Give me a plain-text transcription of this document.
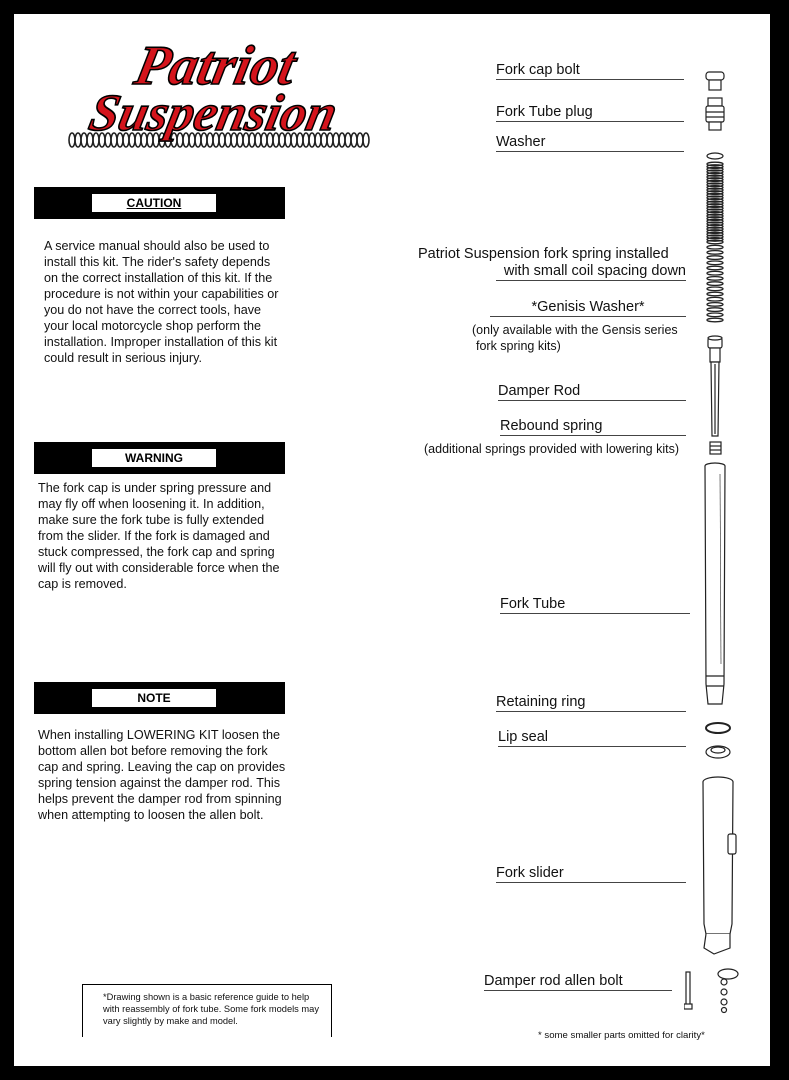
Patriot
Suspension
CAUTION
A service manual should also be used to install this kit. The rider's safety depends on the correct installation of this kit. If the procedure is not within your capabilities or you do not have the correct tools, have your local motorcycle shop perform the installation. Improper installation of this kit could result in serious injury.
WARNING
The fork cap is under spring pressure and may fly off when loosening it. In addition, make sure the fork tube is fully extended from the slider. If the fork is damaged and stuck compressed, the fork cap and spring will fly out with considerable force when the cap is removed.
NOTE
When installing LOWERING KIT loosen the bottom allen bot before removing the fork cap and spring. Leaving the cap on provides spring tension against the damper rod. This helps prevent the damper rod from spinning when attempting to loosen the allen bolt.
Fork cap bolt
Fork Tube plug
Washer
Patriot Suspension fork spring installed
with small coil spacing down
*Genisis Washer*
(only available with the Gensis series
fork spring kits)
Damper Rod
Rebound spring
(additional springs provided with lowering kits)
Fork Tube
Retaining ring
Lip seal
Fork slider
Damper rod allen bolt
*Drawing shown is a basic reference guide to help with reassembly of fork tube. Some fork models may vary slightly by make and model.
* some smaller parts omitted for clarity*
